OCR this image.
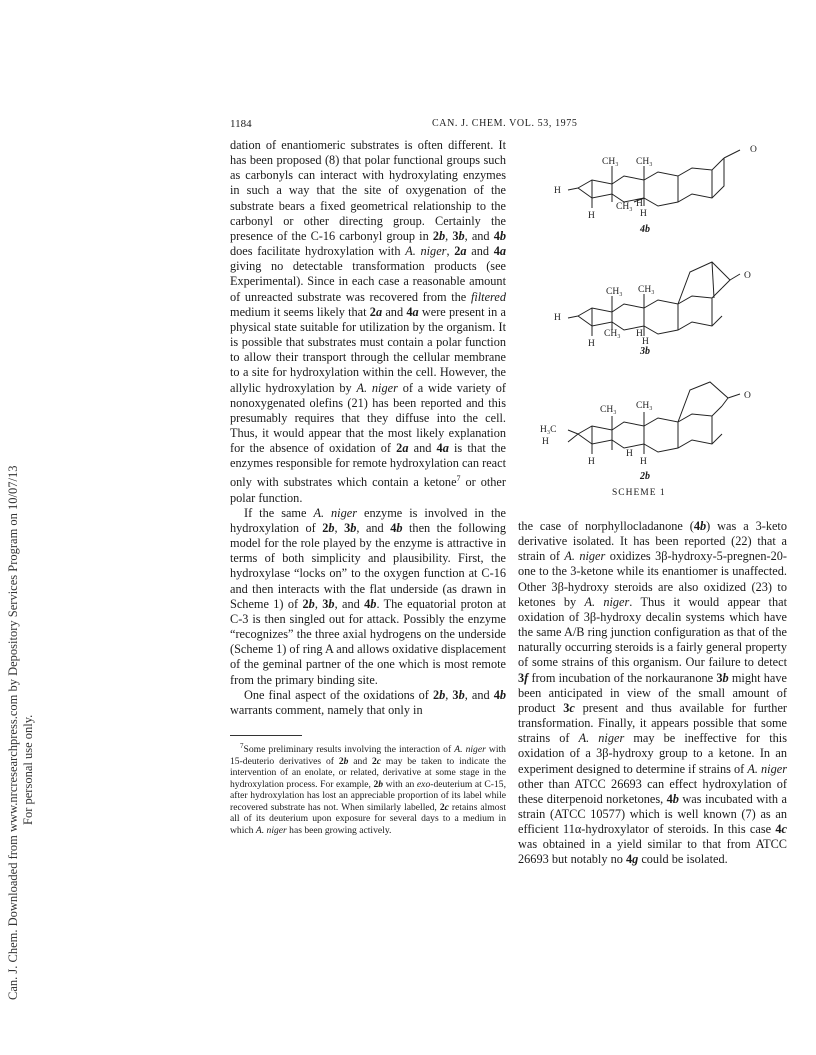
Can. J. Chem. Downloaded from www.nrcresearchpress.com by Depository Services Program on 10/07/13 For personal use only.
1184	CAN. J. CHEM. VOL. 53, 1975

dation of enantiomeric substrates is often different. It has been proposed (8) that polar functional groups such as carbonyls can interact with hydroxylating enzymes in such a way that the site of oxygenation of the substrate bears a fixed geometrical relationship to the carbonyl or other directing group. Certainly the presence of the C-16 carbonyl group in 2b, 3b, and 4b does facilitate hydroxylation with A. niger, 2a and 4a giving no detectable transformation products (see Experimental). Since in each case a reasonable amount of unreacted substrate was recovered from the filtered medium it seems likely that 2a and 4a were present in a physical state suitable for utilization by the organism. It is possible that substrates must contain a polar function to allow their transport through the cellular membrane to a site for hydroxylation within the cell. However, the allylic hydroxylation by A. niger of a wide variety of nonoxygenated olefins (21) has been reported and this presumably requires that they diffuse into the cell. Thus, it would appear that the most likely explanation for the absence of oxidation of 2a and 4a is that the enzymes responsible for remote hydroxylation can react only with substrates which contain a ketone$^7$ or other polar function.

If the same A. niger enzyme is involved in the hydroxylation of 2b, 3b, and 4b then the following model for the role played by the enzyme is attractive in terms of both simplicity and plausibility. First, the hydroxylase “locks on” to the oxygen function at C-16 and then interacts with the flat underside (as drawn in Scheme 1) of 2b, 3b, and 4b. The equatorial proton at C-3 is then singled out for attack. Possibly the enzyme “recognizes” the three axial hydrogens on the underside (Scheme 1) of ring A and allows oxidative displacement of the geminal partner of the one which is most remote from the primary binding site.

One final aspect of the oxidations of 2b, 3b, and 4b warrants comment, namely that only in

$^7$Some preliminary results involving the interaction of A. niger with 15-deuterio derivatives of 2b and 2c may be taken to indicate the intervention of an enolate, or related, derivative at some stage in the hydroxylation process. For example, 2b with an exo-deuterium at C-15, after hydroxylation has lost an appreciable proportion of its label while recovered substrate has not. When similarly labelled, 2c retains almost all of its deuterium upon exposure for several days to a medium in which A. niger has been growing actively.

the case of norphyllocladanone (4b) was a 3-keto derivative isolated. It has been reported (22) that a strain of A. niger oxidizes 3β-hydroxy-5-pregnen-20-one to the 3-ketone while its enantiomer is unaffected. Other 3β-hydroxy steroids are also oxidized (23) to ketones by A. niger. Thus it would appear that oxidation of 3β-hydroxy decalin systems which have the same A/B ring junction configuration as that of the naturally occurring steroids is a fairly general property of some strains of this organism. Our failure to detect 3f from incubation of the norkauranone 3b might have been anticipated in view of the small amount of product 3c present and thus available for further transformation. Finally, it appears possible that some strains of A. niger may be ineffective for this oxidation of a 3β-hydroxy group to a ketone. In an experiment designed to determine if strains of A. niger other than ATCC 26693 can effect hydroxylation of these diterpenoid norketones, 4b was incubated with a strain (ATCC 10577) which is well known (7) as an efficient 11α-hydroxylator of steroids. In this case 4c was obtained in a yield similar to that from ATCC 26693 but notably no 4g could be isolated.

CH₃ CH₃
O
H
H
CH₃ H
H
CH₃ CH₃
O
H
H
CH₃ H
H
CH₃ CH₃
O
H₃C
H
H
H
H
4b
3b
2b
SCHEME 1
